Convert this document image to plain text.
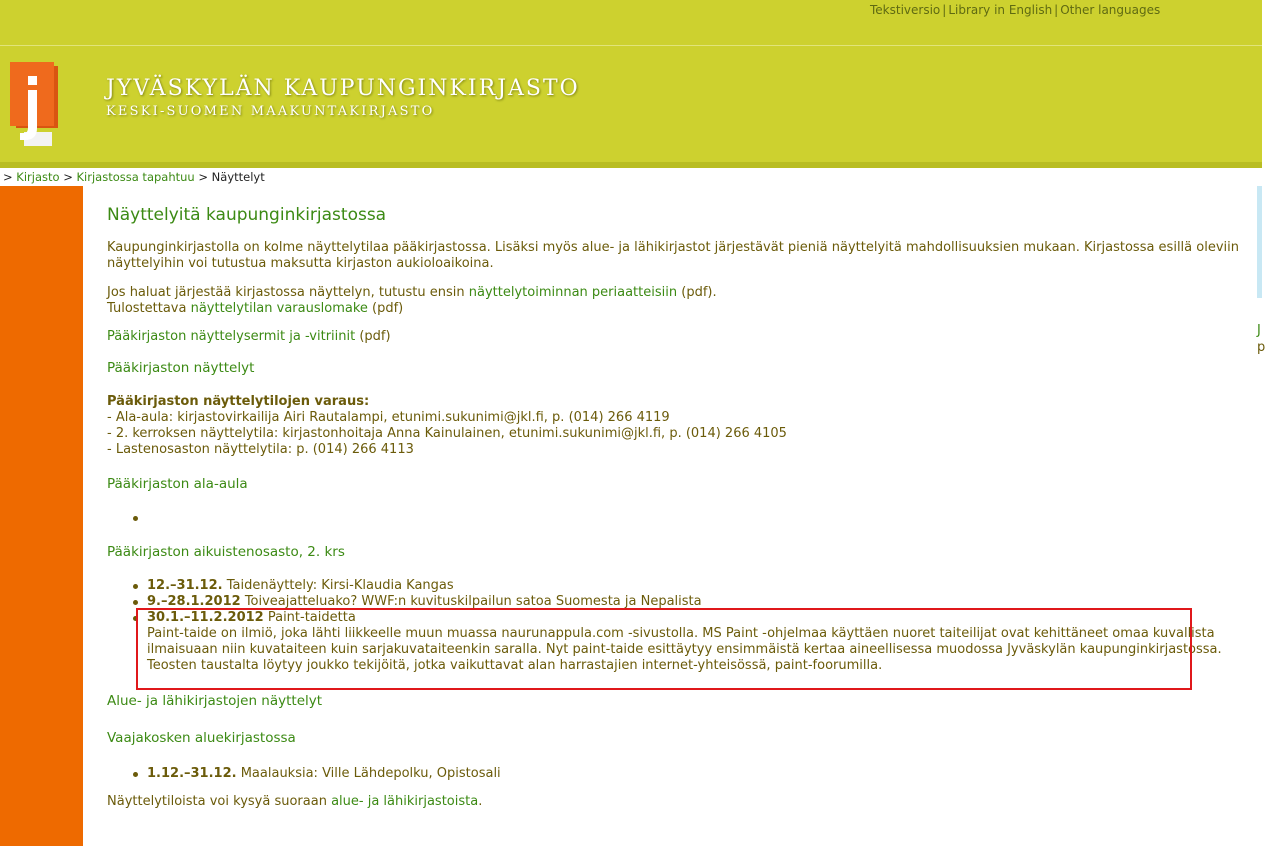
Tekstiversio | Library in English | Other languages
JYVÄSKYLÄN KAUPUNGINKIRJASTO
KESKI-SUOMEN MAAKUNTAKIRJASTO
> Kirjasto > Kirjastossa tapahtuu > Näyttelyt
J
p
Näyttelyitä kaupunginkirjastossa
Kaupunginkirjastolla on kolme näyttelytilaa pääkirjastossa. Lisäksi myös alue- ja lähikirjastot järjestävät pieniä näyttelyitä mahdollisuuksien mukaan. Kirjastossa esillä oleviin
näyttelyihin voi tutustua maksutta kirjaston aukioloaikoina.
Jos haluat järjestää kirjastossa näyttelyn, tutustu ensin näyttelytoiminnan periaatteisiin (pdf).
Tulostettava näyttelytilan varauslomake (pdf)
Pääkirjaston näyttelysermit ja -vitriinit (pdf)
Pääkirjaston näyttelyt
Pääkirjaston näyttelytilojen varaus:
- Ala-aula: kirjastovirkailija Airi Rautalampi, etunimi.sukunimi@jkl.fi, p. (014) 266 4119
- 2. kerroksen näyttelytila: kirjastonhoitaja Anna Kainulainen, etunimi.sukunimi@jkl.fi, p. (014) 266 4105
- Lastenosaston näyttelytila: p. (014) 266 4113
Pääkirjaston ala-aula
Pääkirjaston aikuistenosasto, 2. krs
12.–31.12. Taidenäyttely: Kirsi-Klaudia Kangas
9.–28.1.2012 Toiveajatteluako? WWF:n kuvituskilpailun satoa Suomesta ja Nepalista
30.1.–11.2.2012 Paint-taidetta
Paint-taide on ilmiö, joka lähti liikkeelle muun muassa naurunappula.com -sivustolla. MS Paint -ohjelmaa käyttäen nuoret taiteilijat ovat kehittäneet omaa kuvallista
ilmaisuaan niin kuvataiteen kuin sarjakuvataiteenkin saralla. Nyt paint-taide esittäytyy ensimmäistä kertaa aineellisessa muodossa Jyväskylän kaupunginkirjastossa.
Teosten taustalta löytyy joukko tekijöitä, jotka vaikuttavat alan harrastajien internet-yhteisössä, paint-foorumilla.
Alue- ja lähikirjastojen näyttelyt
Vaajakosken aluekirjastossa
1.12.–31.12. Maalauksia: Ville Lähdepolku, Opistosali
Näyttelytiloista voi kysyä suoraan alue- ja lähikirjastoista.
